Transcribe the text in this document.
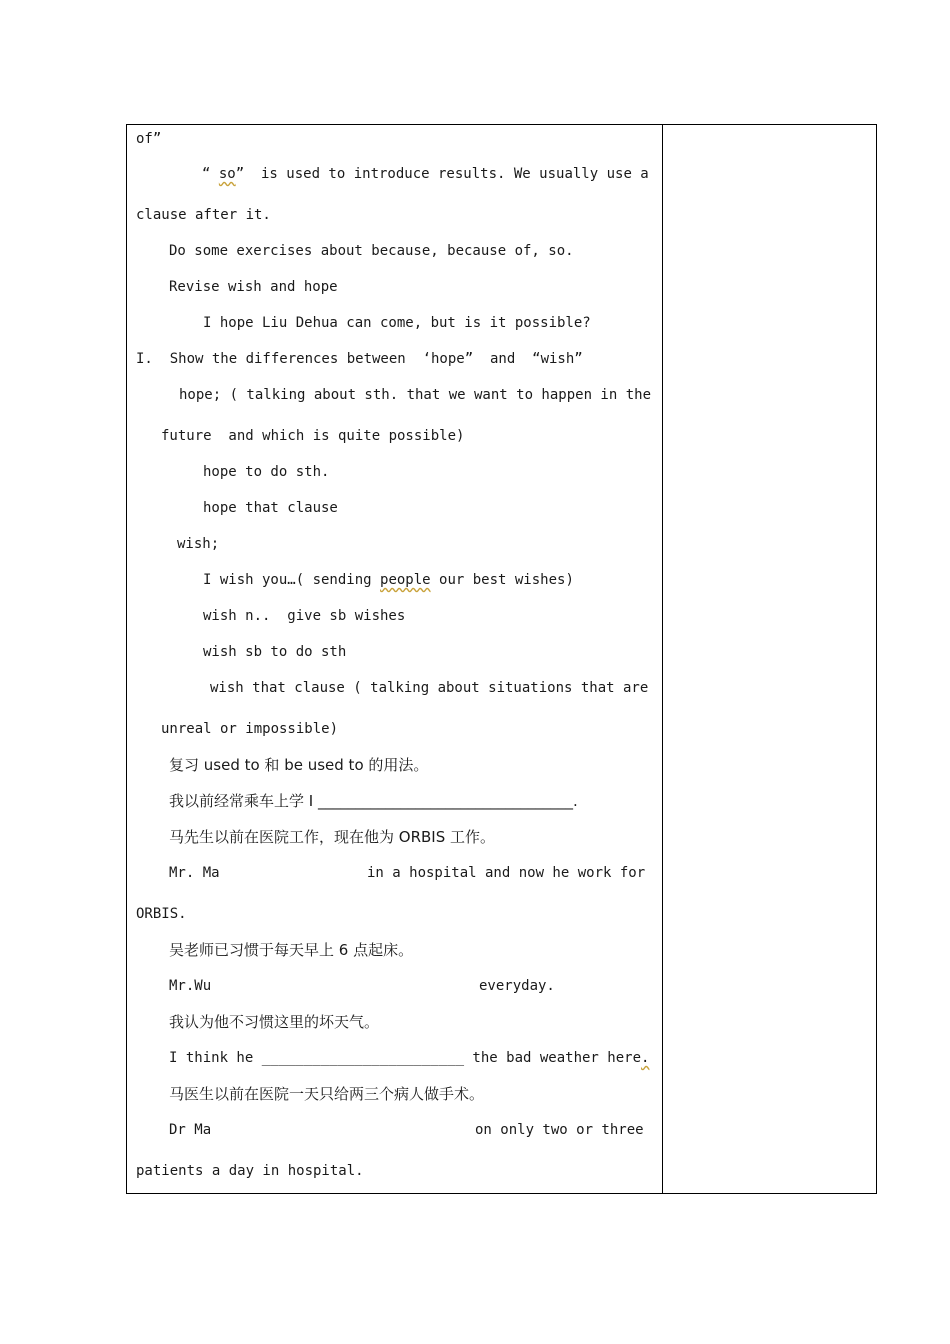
of”
“ so”  is used to introduce results. We usually use a
clause after it.
Do some exercises about because, because of, so.
Revise wish and hope
I hope Liu Dehua can come, but is it possible?
I.  Show the differences between  ‘hope”  and  “wish”
hope; ( talking about sth. that we want to happen in the
future  and which is quite possible)
hope to do sth.
hope that clause
wish;
I wish you…( sending people our best wishes)
wish n..  give sb wishes
wish sb to do sth
wish that clause ( talking about situations that are
unreal or impossible)
复习 used to 和 be used to 的用法。
我以前经常乘车上学 I __________________________________.
马先生以前在医院工作，现在他为 ORBIS 工作。
Mr. Ma	in a hospital and now he work for
ORBIS.
吴老师已习惯于每天早上 6 点起床。
Mr.Wu	everyday.
我认为他不习惯这里的坏天气。
I think he ________________________ the bad weather here.
马医生以前在医院一天只给两三个病人做手术。
Dr Ma	on only two or three
patients a day in hospital.
